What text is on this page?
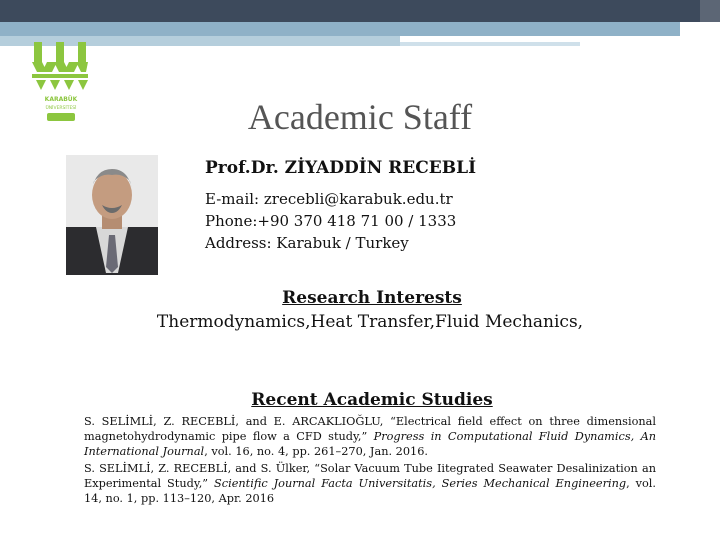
KARABÜK
ÜNİVERSİTESİ	Academic Staff
Prof.Dr. ZİYADDİN RECEBLİ
E-mail: zrecebli@karabuk.edu.tr
Phone:+90 370 418 71 00 / 1333
Address: Karabuk / Turkey
Research Interests
Thermodynamics,Heat Transfer,Fluid Mechanics,
Recent Academic Studies
S. SELİMLİ, Z. RECEBLİ, and E. ARCAKLIOĞLU, “Electrical field effect on three dimensional magnetohydrodynamic pipe flow a CFD study,” Progress in Computational Fluid Dynamics, An International Journal, vol. 16, no. 4, pp. 261–270, Jan. 2016.
S. SELİMLİ, Z. RECEBLİ, and S. Ülker, “Solar Vacuum Tube Iitegrated Seawater Desalinization an Experimental Study,” Scientific Journal Facta Universitatis, Series Mechanical Engineering, vol. 14, no. 1, pp. 113–120, Apr. 2016
